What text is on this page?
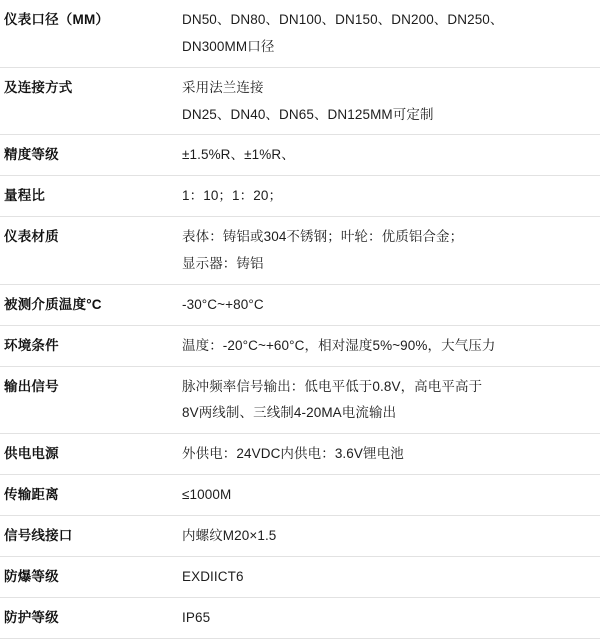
仪表口径（MM）	DN50、DN80、DN100、DN150、DN200、DN250、
DN300MM口径

及连接方式	采用法兰连接
DN25、DN40、DN65、DN125MM可定制

精度等级	±1.5%R、±1%R、

量程比	1：10；1：20；

仪表材质	表体：铸铝或304不锈钢；叶轮：优质铝合金；
显示器：铸铝

被测介质温度°C	-30°C~+80°C

环境条件	温度：-20°C~+60°C，相对湿度5%~90%，大气压力

输出信号	脉冲频率信号输出：低电平低于0.8V，高电平高于
8V两线制、三线制4-20MA电流输出

供电电源	外供电：24VDC内供电：3.6V锂电池

传输距离	≤1000M

信号线接口	内螺纹M20×1.5

防爆等级	EXDIICT6

防护等级	IP65
